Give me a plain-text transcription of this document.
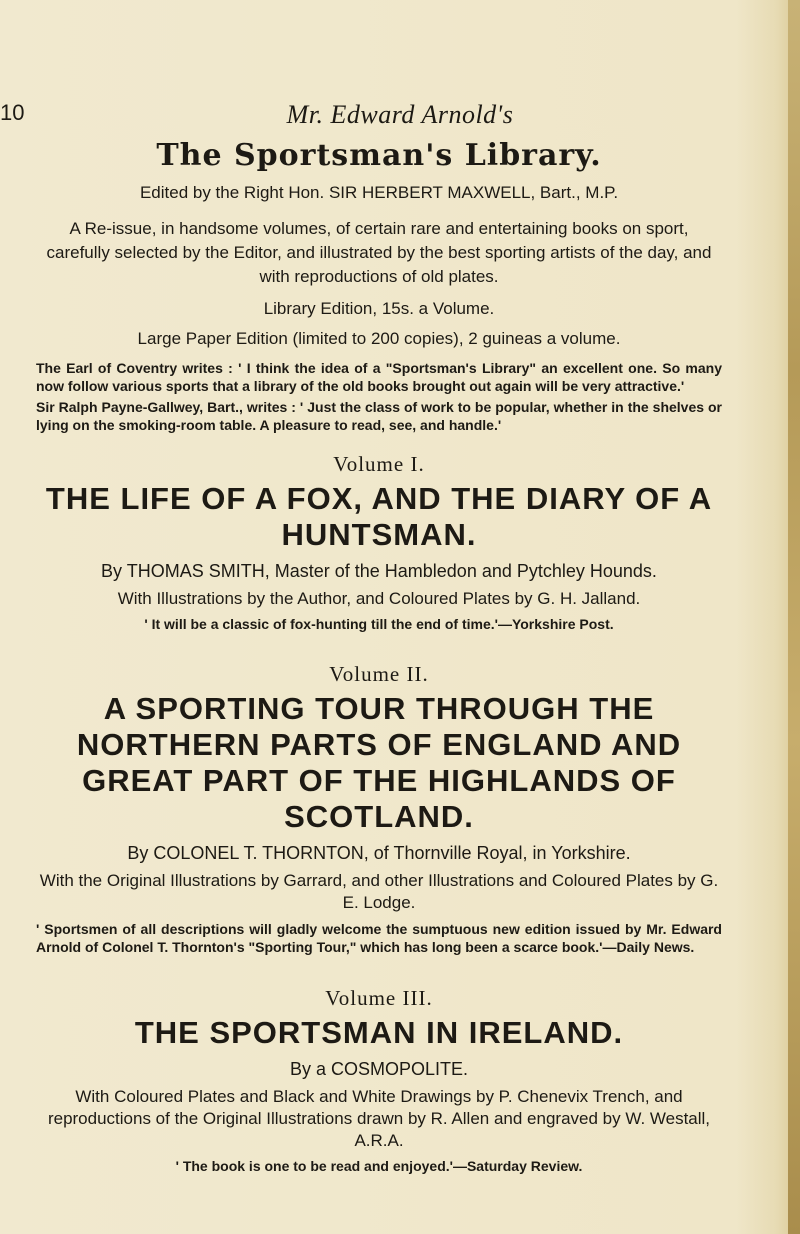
10	Mr. Edward Arnold's
The Sportsman's Library.
Edited by the Right Hon. SIR HERBERT MAXWELL, Bart., M.P.
A Re-issue, in handsome volumes, of certain rare and entertaining books on sport, carefully selected by the Editor, and illustrated by the best sporting artists of the day, and with reproductions of old plates.
Library Edition, 15s. a Volume.
Large Paper Edition (limited to 200 copies), 2 guineas a volume.

The Earl of Coventry writes : ' I think the idea of a "Sportsman's Library" an excellent one. So many now follow various sports that a library of the old books brought out again will be very attractive.'

Sir Ralph Payne-Gallwey, Bart., writes : ' Just the class of work to be popular, whether in the shelves or lying on the smoking-room table. A pleasure to read, see, and handle.'

Volume I.
THE LIFE OF A FOX, AND THE DIARY OF A HUNTSMAN.
By THOMAS SMITH, Master of the Hambledon and Pytchley Hounds.
With Illustrations by the Author, and Coloured Plates by G. H. Jalland.
' It will be a classic of fox-hunting till the end of time.'—Yorkshire Post.
Volume II.
A SPORTING TOUR THROUGH THE NORTHERN PARTS OF ENGLAND AND GREAT PART OF THE HIGHLANDS OF SCOTLAND.
By COLONEL T. THORNTON, of Thornville Royal, in Yorkshire.
With the Original Illustrations by Garrard, and other Illustrations and Coloured Plates by G. E. Lodge.
' Sportsmen of all descriptions will gladly welcome the sumptuous new edition issued by Mr. Edward Arnold of Colonel T. Thornton's "Sporting Tour," which has long been a scarce book.'—Daily News.
Volume III.
THE SPORTSMAN IN IRELAND.
By a COSMOPOLITE.
With Coloured Plates and Black and White Drawings by P. Chenevix Trench, and reproductions of the Original Illustrations drawn by R. Allen and engraved by W. Westall, A.R.A.
' The book is one to be read and enjoyed.'—Saturday Review.
